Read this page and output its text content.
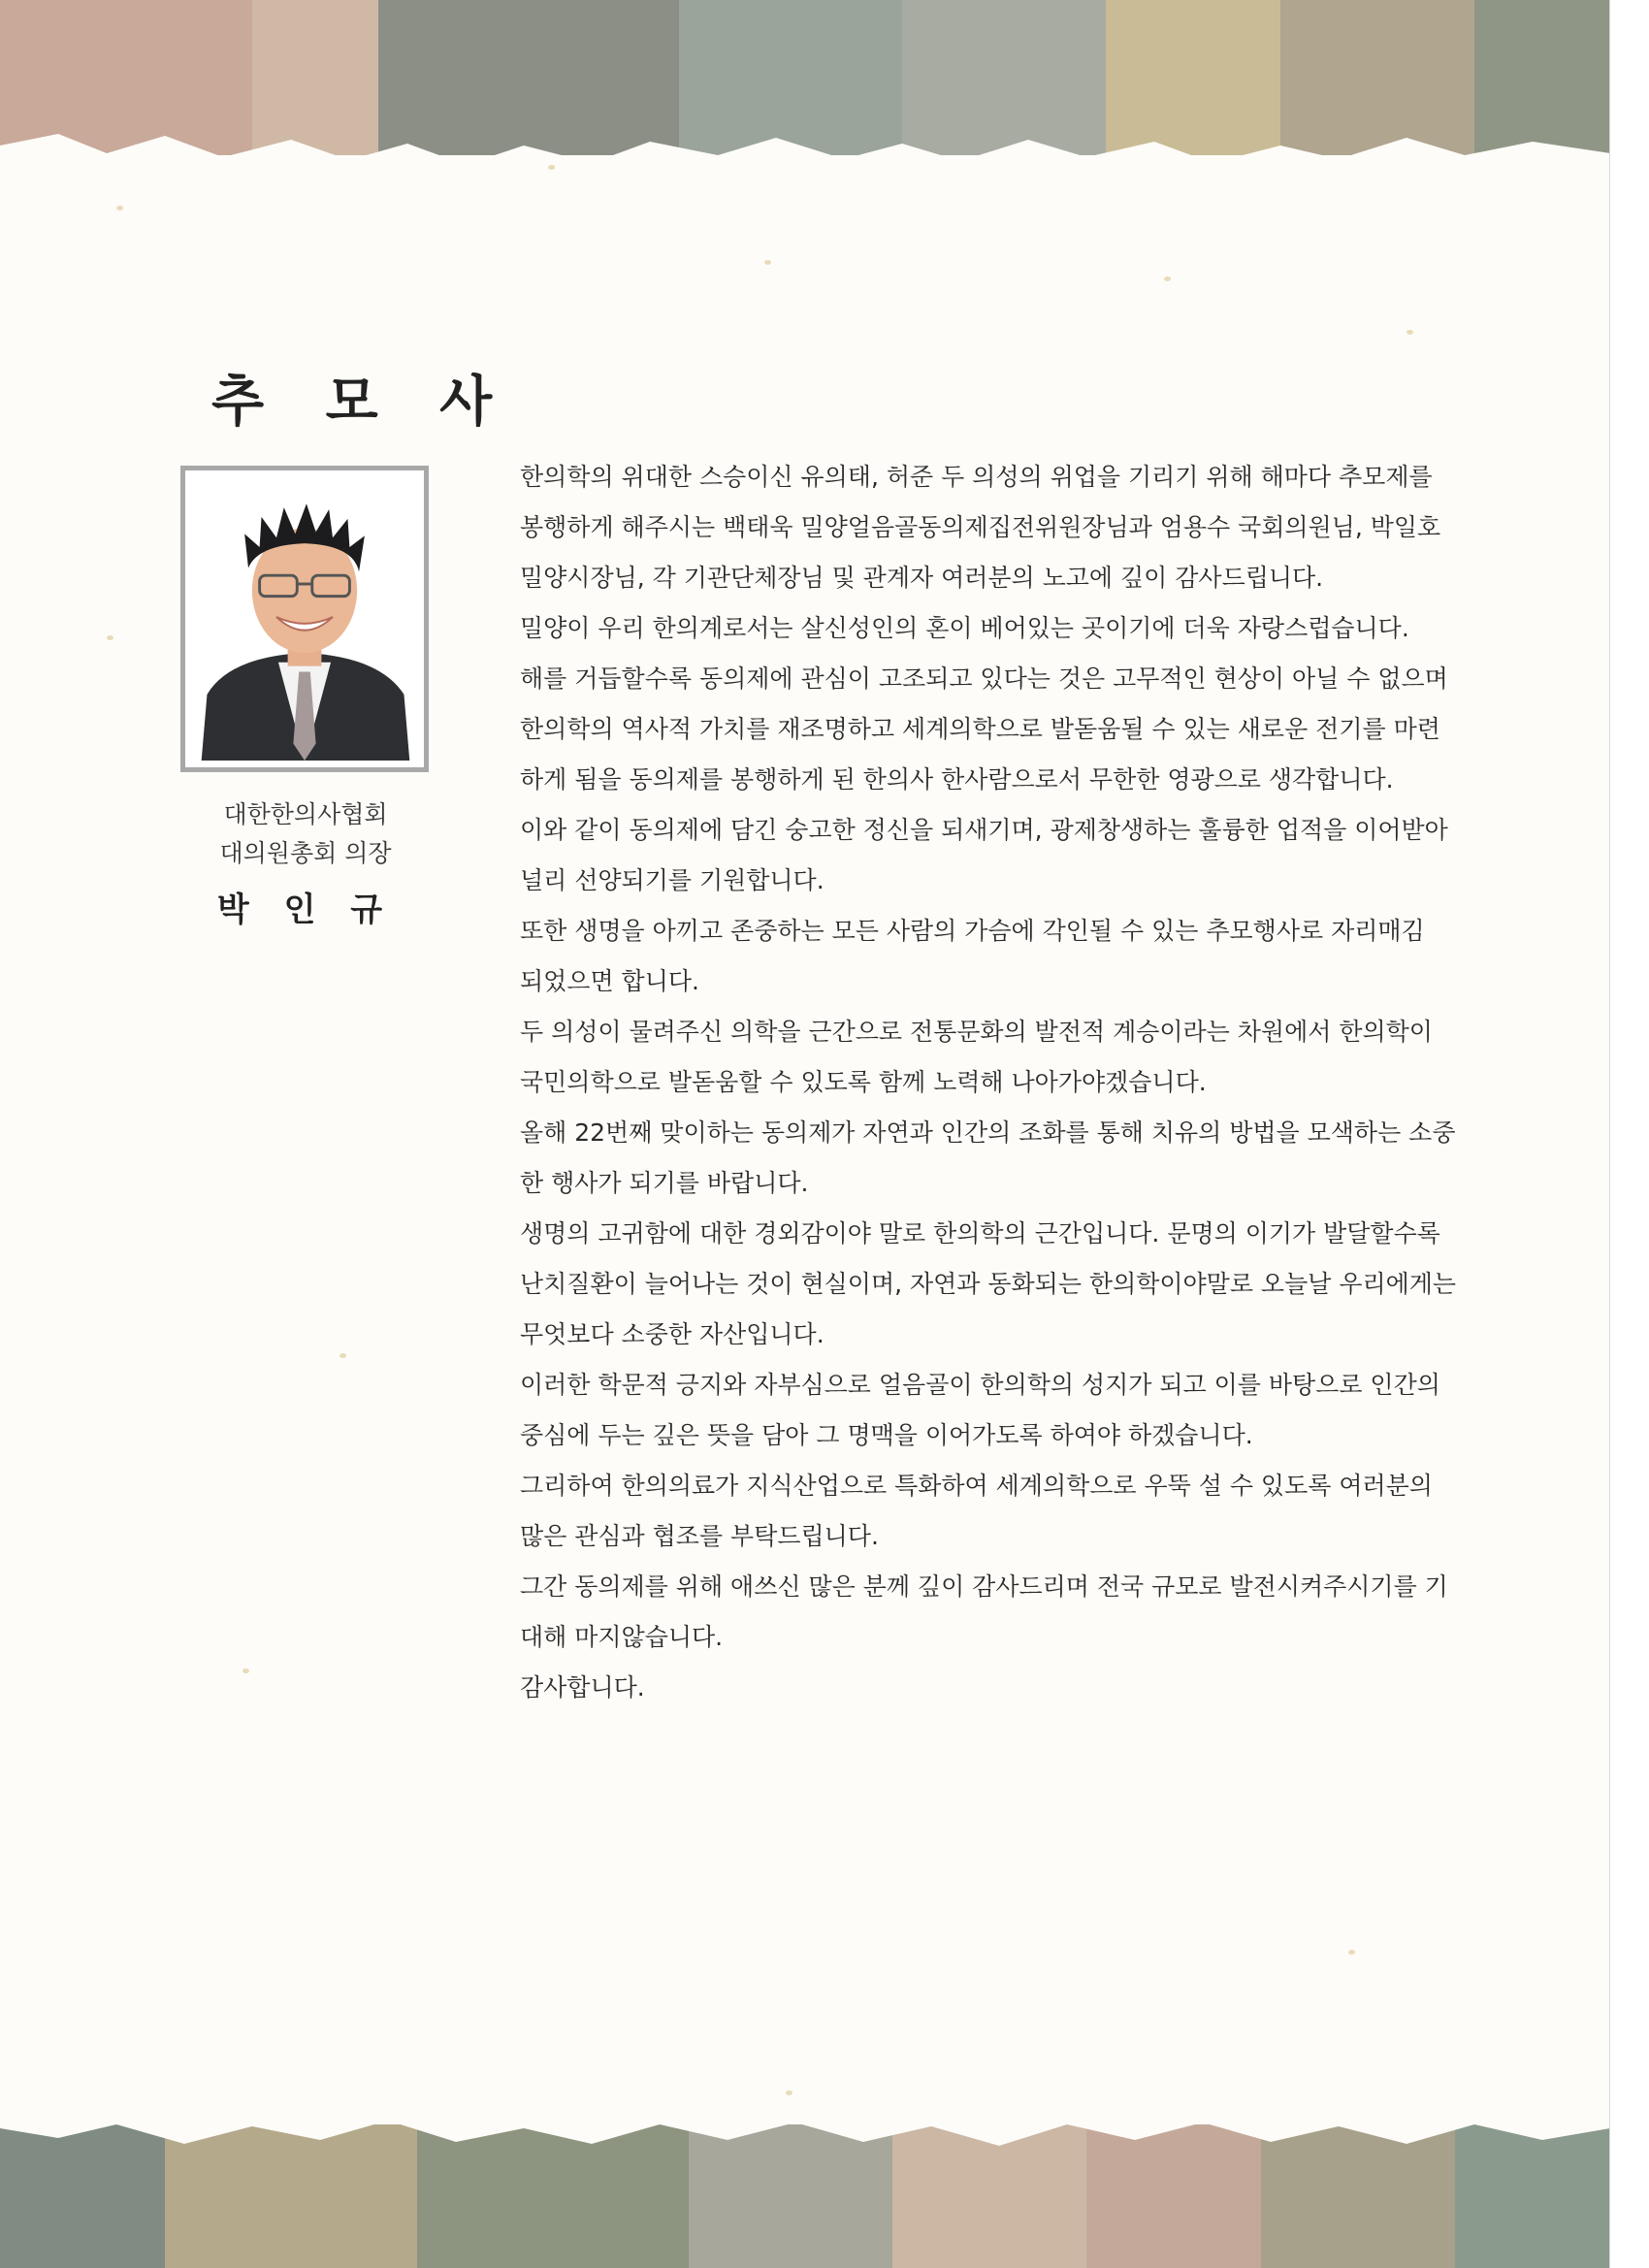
추 모 사
대한한의사협회
대의원총회 의장
박 인 규

한의학의 위대한 스승이신 유의태, 허준 두 의성의 위업을 기리기 위해 해마다 추모제를

봉행하게 해주시는 백태욱 밀양얼음골동의제집전위원장님과 엄용수 국회의원님, 박일호

밀양시장님, 각 기관단체장님 및 관계자 여러분의 노고에 깊이 감사드립니다.

밀양이 우리 한의계로서는 살신성인의 혼이 베어있는 곳이기에 더욱 자랑스럽습니다.

해를 거듭할수록 동의제에 관심이 고조되고 있다는 것은 고무적인 현상이 아닐 수 없으며

한의학의 역사적 가치를 재조명하고 세계의학으로 발돋움될 수 있는 새로운 전기를 마련

하게 됨을 동의제를 봉행하게 된 한의사 한사람으로서 무한한 영광으로 생각합니다.

이와 같이 동의제에 담긴 숭고한 정신을 되새기며, 광제창생하는 훌륭한 업적을 이어받아

널리 선양되기를 기원합니다.

또한 생명을 아끼고 존중하는 모든 사람의 가슴에 각인될 수 있는 추모행사로 자리매김

되었으면 합니다.

두 의성이 물려주신 의학을 근간으로 전통문화의 발전적 계승이라는 차원에서 한의학이

국민의학으로 발돋움할 수 있도록 함께 노력해 나아가야겠습니다.

올해 22번째 맞이하는 동의제가 자연과 인간의 조화를 통해 치유의 방법을 모색하는 소중

한 행사가 되기를 바랍니다.

생명의 고귀함에 대한 경외감이야 말로 한의학의 근간입니다. 문명의 이기가 발달할수록

난치질환이 늘어나는 것이 현실이며, 자연과 동화되는 한의학이야말로 오늘날 우리에게는

무엇보다 소중한 자산입니다.

이러한 학문적 긍지와 자부심으로 얼음골이 한의학의 성지가 되고 이를 바탕으로 인간의

중심에 두는 깊은 뜻을 담아 그 명맥을 이어가도록 하여야 하겠습니다.

그리하여 한의의료가 지식산업으로 특화하여 세계의학으로 우뚝 설 수 있도록 여러분의

많은 관심과 협조를 부탁드립니다.

그간 동의제를 위해 애쓰신 많은 분께 깊이 감사드리며 전국 규모로 발전시켜주시기를 기

대해 마지않습니다.

감사합니다.
